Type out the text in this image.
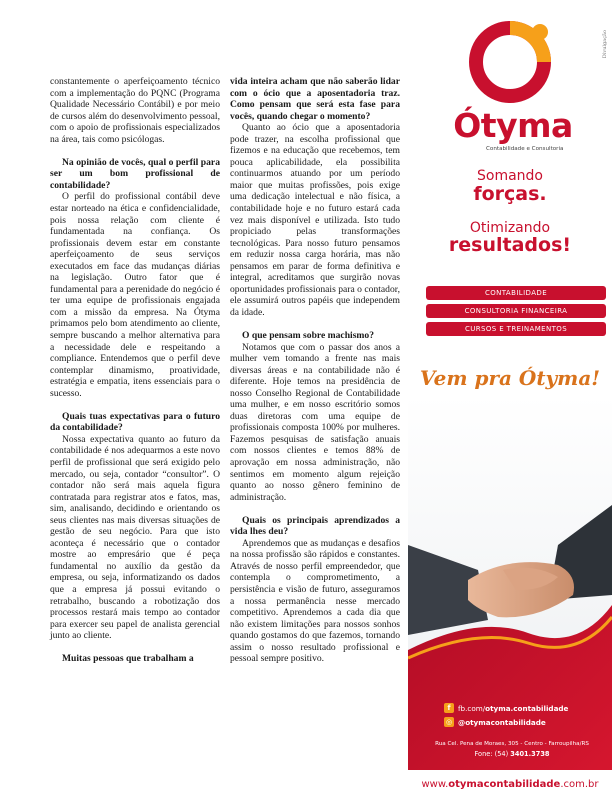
constantemente o aperfeiçoamento técnico com a implementação do PQNC (Programa Qualidade Necessário Contábil) e por meio de cursos além do desenvolvimento pessoal, com o apoio de profissionais especializados na área, tais como psicólogas.

Na opinião de vocês, qual o perfil para ser um bom profissional de contabilidade?

O perfil do profissional contábil deve estar norteado na ética e confidencialidade, pois nossa relação com cliente é fundamentada na confiança. Os profissionais devem estar em constante aperfeiçoamento de seus serviços executados em face das mudanças diárias na legislação. Outro fator que é fundamental para a perenidade do negócio é ter uma equipe de profissionais engajada com a missão da empresa. Na Ótyma primamos pelo bom atendimento ao cliente, sempre buscando a melhor alternativa para a necessidade dele e respeitando a compliance. Entendemos que o perfil deve contemplar dinamismo, proatividade, estratégia e empatia, itens essenciais para o sucesso.

Quais tuas expectativas para o futuro da contabilidade?

Nossa expectativa quanto ao futuro da contabilidade é nos adequarmos a este novo perfil de profissional que será exigido pelo mercado, ou seja, contador “consultor”. O contador não será mais aquela figura contratada para registrar atos e fatos, mas, sim, analisando, decidindo e orientando os seus clientes nas mais diversas situações de gestão de seu negócio. Para que isto aconteça é necessário que o contador mostre ao empresário que é peça fundamental no auxílio da gestão da empresa, ou seja, informatizando os dados que a empresa já possui evitando o retrabalho, buscando a robotização dos processos restará mais tempo ao contador para exercer seu papel de analista gerencial junto ao cliente.

Muitas pessoas que trabalham a

vida inteira acham que não saberão lidar com o ócio que a aposentadoria traz. Como pensam que será esta fase para vocês, quando chegar o momento?

Quanto ao ócio que a aposentadoria pode trazer, na escolha profissional que fizemos e na educação que recebemos, tem pouca aplicabilidade, ela possibilita continuarmos atuando por um período maior que muitas profissões, pois exige uma dedicação intelectual e não física, a contabilidade hoje e no futuro estará cada vez mais disponível e utilizada. Isto tudo propiciado pelas transformações tecnológicas. Para nosso futuro pensamos em reduzir nossa carga horária, mas não pensamos em parar de forma definitiva e integral, acreditamos que surgirão novas oportunidades profissionais para o contador, ele assumirá outros papéis que independem da idade.

O que pensam sobre machismo?

Notamos que com o passar dos anos a mulher vem tomando a frente nas mais diversas áreas e na contabilidade não é diferente. Hoje temos na presidência de nosso Conselho Regional de Contabilidade uma mulher, e em nosso escritório somos duas diretoras com uma equipe de profissionais composta 100% por mulheres. Fazemos pesquisas de satisfação anuais com nossos clientes e temos 88% de aprovação em nossa administração, não sentimos em momento algum rejeição quanto ao nosso gênero feminino de administração.

Quais os principais aprendizados a vida lhes deu?

Aprendemos que as mudanças e desafios na nossa profissão são rápidos e constantes. Através de nosso perfil empreendedor, que contempla o comprometimento, a persistência e visão de futuro, asseguramos a nossa permanência nesse mercado competitivo. Aprendemos a cada dia que não existem limitações para nossos sonhos quando gostamos do que fazemos, tornando assim o nosso resultado profissional e pessoal sempre positivo.

Divulgação
Ótyma
Contabilidade e Consultoria
Somando
forças.
Otimizando
resultados!
CONTABILIDADE
CONSULTORIA FINANCEIRA
CURSOS E TREINAMENTOS
Vem pra Ótyma!
f	fb.com/otyma.contabilidade
◎ @otymacontabilidade
Rua Cel. Pena de Moraes, 305 - Centro - Farroupilha/RS
Fone: (54) 3401.3738
www.otymacontabilidade.com.br
